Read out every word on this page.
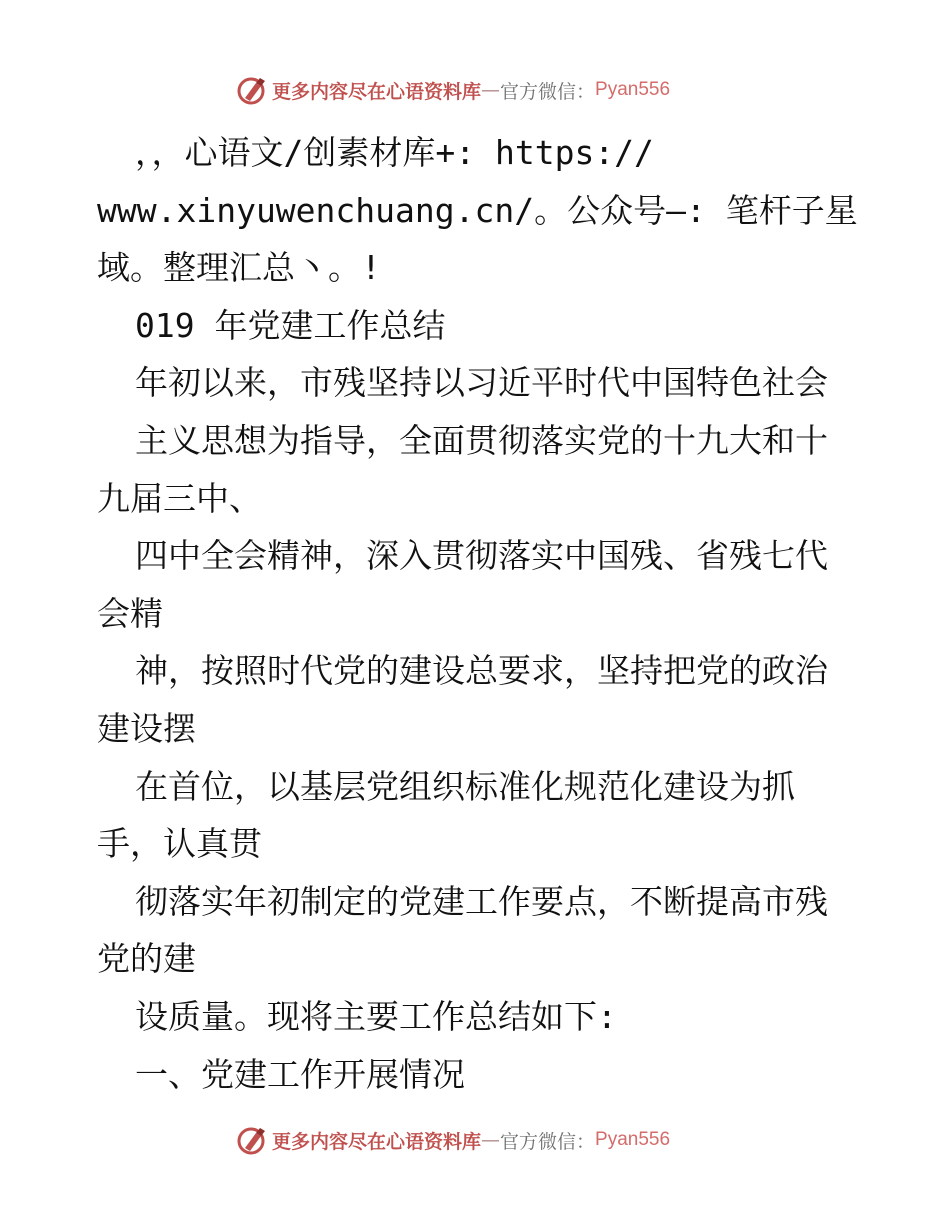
更多内容尽在心语资料库 — 官方微信： Pyan556
，，心语文/创素材库+: https://
www.xinyuwenchuang.cn/。公众号—: 笔杆子星
域。整理汇总丶。!
019 年党建工作总结
年初以来，市残坚持以习近平时代中国特色社会
主义思想为指导，全面贯彻落实党的十九大和十
九届三中、
四中全会精神，深入贯彻落实中国残、省残七代
会精
神，按照时代党的建设总要求，坚持把党的政治
建设摆
在首位，以基层党组织标准化规范化建设为抓
手，认真贯
彻落实年初制定的党建工作要点，不断提高市残
党的建
设质量。现将主要工作总结如下:
一、党建工作开展情况
更多内容尽在心语资料库 — 官方微信： Pyan556
